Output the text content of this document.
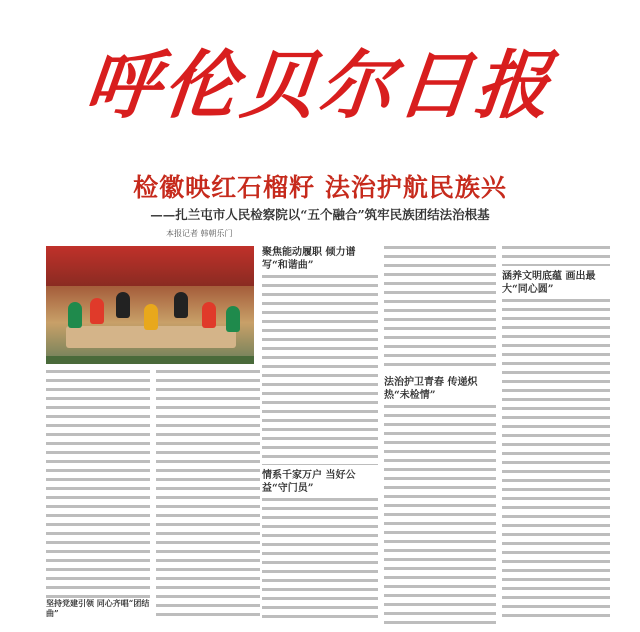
呼伦贝尔日报
检徽映红石榴籽 法治护航民族兴
——扎兰屯市人民检察院以“五个融合”筑牢民族团结法治根基
本报记者 韩朝乐门
坚持党建引领 同心齐唱“团结曲”
聚焦能动履职 倾力谱写“和谐曲”
情系千家万户 当好公益“守门员”
法治护卫青春 传递炽热“未检情”
涵养文明底蕴 画出最大“同心圆”
